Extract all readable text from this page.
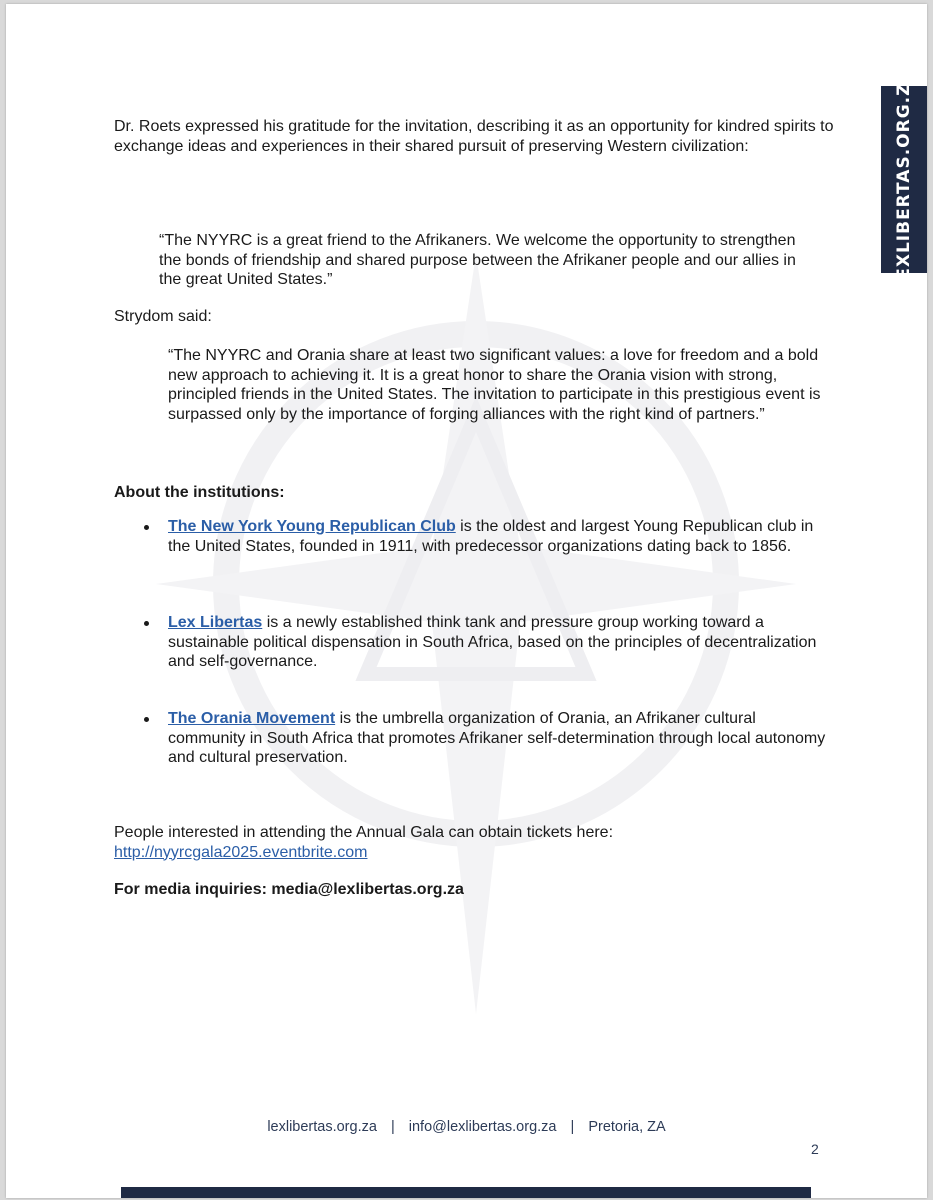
LEXLIBERTAS.ORG.ZA
Dr. Roets expressed his gratitude for the invitation, describing it as an opportunity for kindred spirits to exchange ideas and experiences in their shared pursuit of preserving Western civilization:
“The NYYRC is a great friend to the Afrikaners. We welcome the opportunity to strengthen the bonds of friendship and shared purpose between the Afrikaner people and our allies in the great United States.”
Strydom said:
“The NYYRC and Orania share at least two significant values: a love for freedom and a bold new approach to achieving it. It is a great honor to share the Orania vision with strong, principled friends in the United States. The invitation to participate in this prestigious event is surpassed only by the importance of forging alliances with the right kind of partners.”
About the institutions:
The New York Young Republican Club is the oldest and largest Young Republican club in the United States, founded in 1911, with predecessor organizations dating back to 1856.
Lex Libertas is a newly established think tank and pressure group working toward a sustainable political dispensation in South Africa, based on the principles of decentralization and self-governance.
The Orania Movement is the umbrella organization of Orania, an Afrikaner cultural community in South Africa that promotes Afrikaner self-determination through local autonomy and cultural preservation.
People interested in attending the Annual Gala can obtain tickets here:
http://nyyrcgala2025.eventbrite.com
For media inquiries: media@lexlibertas.org.za
lexlibertas.org.za | info@lexlibertas.org.za | Pretoria, ZA
2
